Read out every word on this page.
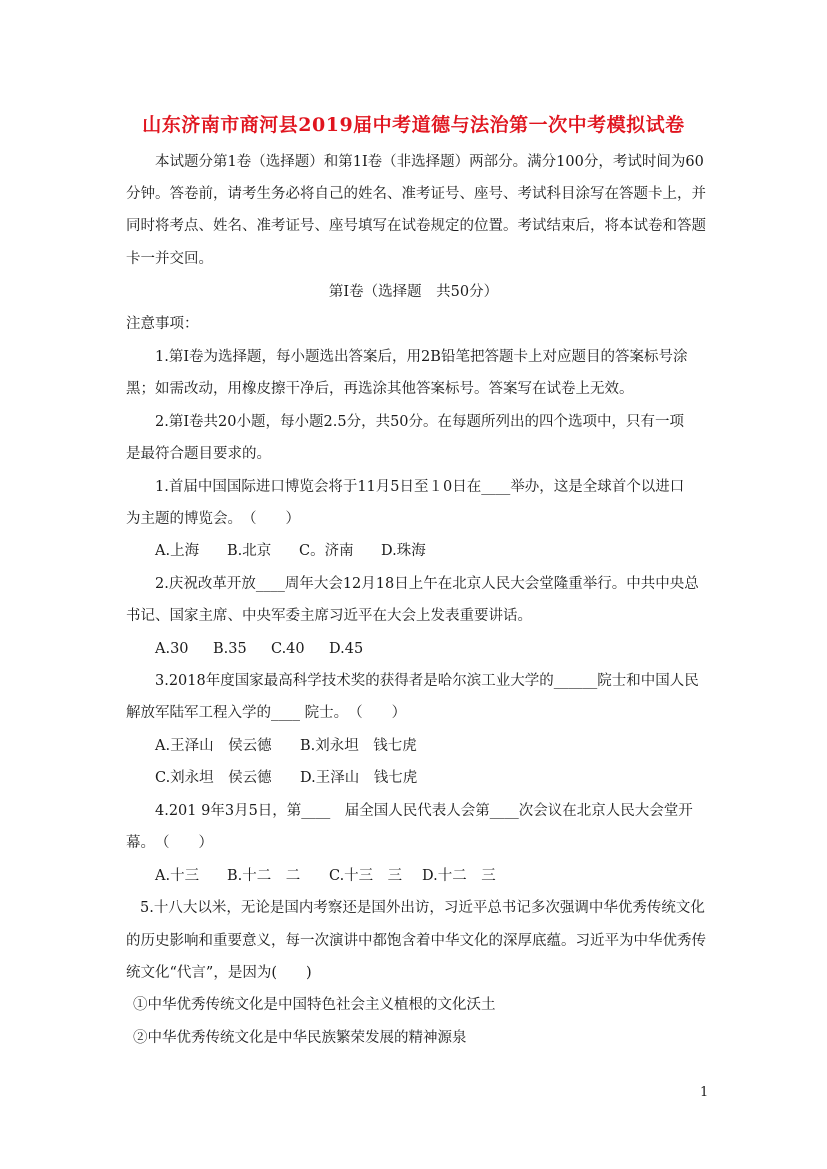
山东济南市商河县2019届中考道德与法治第一次中考模拟试卷
本试题分第1卷（选择题）和第1I卷（非选择题）两部分。满分100分，考试时间为60
分钟。答卷前，请考生务必将自己的姓名、准考证号、座号、考试科目涂写在答题卡上，并
同时将考点、姓名、准考证号、座号填写在试卷规定的位置。考试结束后，将本试卷和答题
卡一并交回。
第Ⅰ卷（选择题　共50分）
注意事项：
1.第Ⅰ卷为选择题，每小题选出答案后，用2B铅笔把答题卡上对应题目的答案标号涂
黑；如需改动，用橡皮擦干净后，再选涂其他答案标号。答案写在试卷上无效。
2.第Ⅰ卷共20小题，每小题2.5分，共50分。在每题所列出的四个选项中，只有一项
是最符合题目要求的。
1.首届中国国际进口博览会将于11月5日至１0日在____举办，这是全球首个以进口
为主题的博览会。　（　　）
A.上海 B.北京 C。济南 D.珠海
2.庆祝改革开放____周年大会12月18日上午在北京人民大会堂隆重举行。中共中央总
书记、国家主席、中央军委主席习近平在大会上发表重要讲话。
A.30 B.35 C.40 D.45
3.2018年度国家最高科学技术奖的获得者是哈尔滨工业大学的______院士和中国人民
解放军陆军工程入学的____ 院士。　（　　）
A.王泽山　侯云德 B.刘永坦　钱七虎
C.刘永坦　侯云德 D.王泽山　钱七虎
4.201 9年3月5日，第____　届全国人民代表人会第____次会议在北京人民大会堂开
幕。　（　　）
A.十三 B.十二　二 C.十三　三 D.十二　三
5.十八大以米，无论是国内考察还是国外出访，习近平总书记多次强调中华优秀传统文化
的历史影响和重要意义，每一次演讲中都饱含着中华文化的深厚底蕴。习近平为中华优秀传
统文化“代言”，是因为(　　)
①中华优秀传统文化是中国特色社会主义植根的文化沃土
②中华优秀传统文化是中华民族繁荣发展的精神源泉
1
